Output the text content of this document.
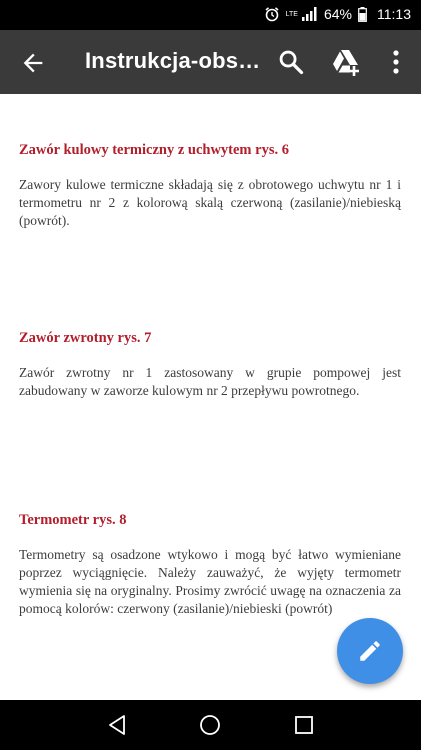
LTE 64% 11:13
Instrukcja-obs…
Zawór kulowy termiczny z uchwytem rys. 6

Zawory kulowe termiczne składają się z obrotowego uchwytu nr 1 i termometru nr 2 z kolorową skalą czerwoną (zasilanie)/niebieską (powrót).

Zawór zwrotny rys. 7

Zawór zwrotny nr 1 zastosowany w grupie pompowej jest zabudowany w zaworze kulowym nr 2 przepływu powrotnego.

Termometr rys. 8

Termometry są osadzone wtykowo i mogą być łatwo wymieniane poprzez wyciągnięcie. Należy zauważyć, że wyjęty termometr wymienia się na oryginalny. Prosimy zwrócić uwagę na oznaczenia za pomocą kolorów: czerwony (zasilanie)/niebieski (powrót)
